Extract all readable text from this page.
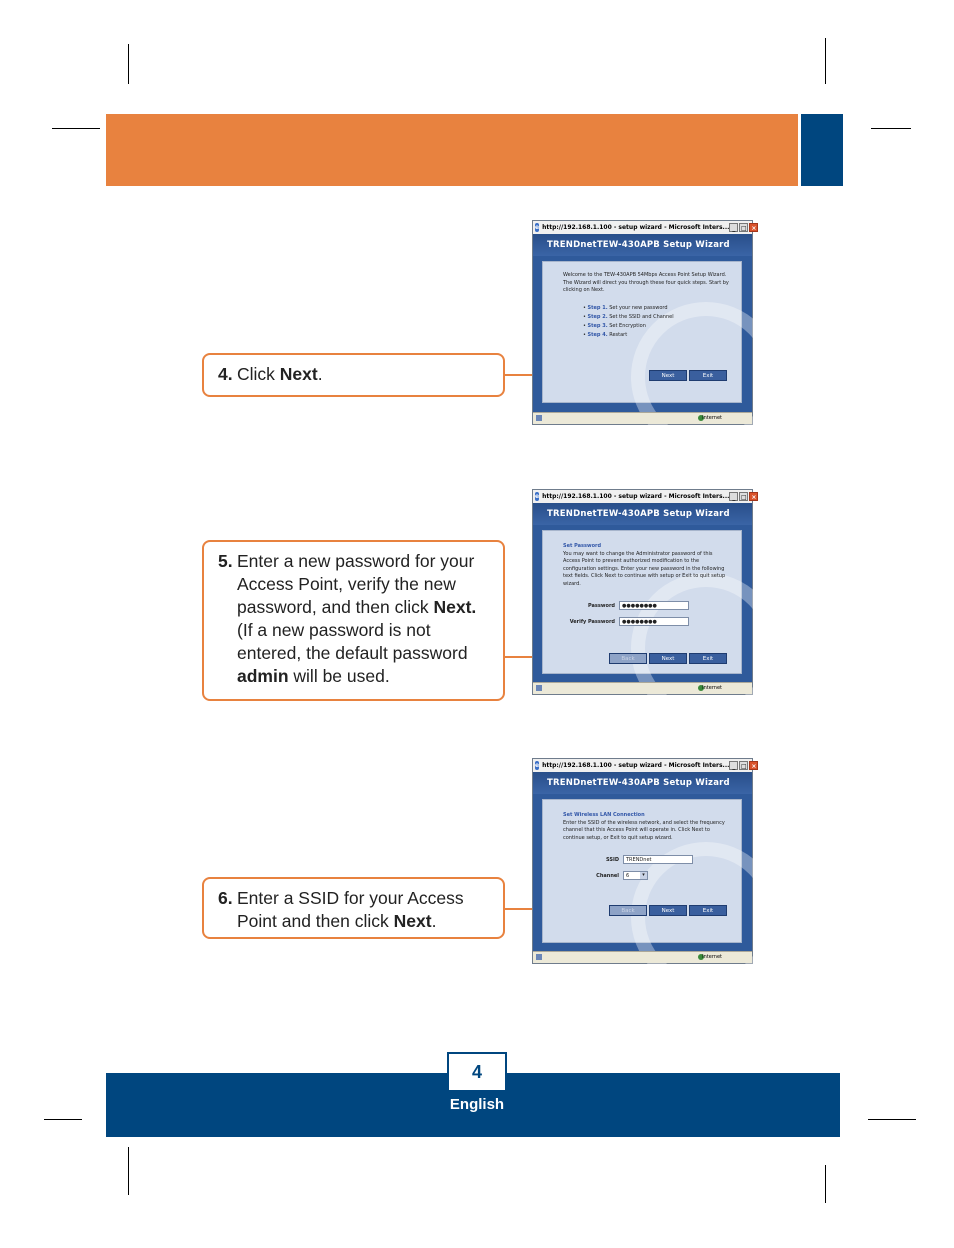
4. Click Next.
e http://192.168.1.100 - setup wizard - Microsoft Inters... _ □ ×
TRENDnet TEW-430APB Setup Wizard
Welcome to the TEW-430APB 54Mbps Access Point Setup Wizard. The Wizard will direct you through these four quick steps. Start by clicking on Next.
• Step 1. Set your new password
• Step 2. Set the SSID and Channel
• Step 3. Set Encryption
• Step 4. Restart
Next	Exit
Internet
5. Enter a new password for your Access Point, verify the new password, and then click Next. (If a new password is not entered, the default password admin will be used.
e http://192.168.1.100 - setup wizard - Microsoft Inters... _ □ ×
TRENDnet TEW-430APB Setup Wizard
Set Password
You may want to change the Administrator password of this Access Point to prevent authorized modification to the configuration settings. Enter your new password in the following text fields. Click Next to continue with setup or Exit to quit setup wizard.
Password	●●●●●●●●
Verify Password	●●●●●●●●
Back	Next	Exit
Internet
6. Enter a SSID for your Access Point and then click Next.
e http://192.168.1.100 - setup wizard - Microsoft Inters... _ □ ×
TRENDnet TEW-430APB Setup Wizard
Set Wireless LAN Connection
Enter the SSID of the wireless network, and select the frequency channel that this Access Point will operate in. Click Next to continue setup, or Exit to quit setup wizard.
SSID	TRENDnet
Channel	6	▾
Back	Next	Exit
Internet
4
English
